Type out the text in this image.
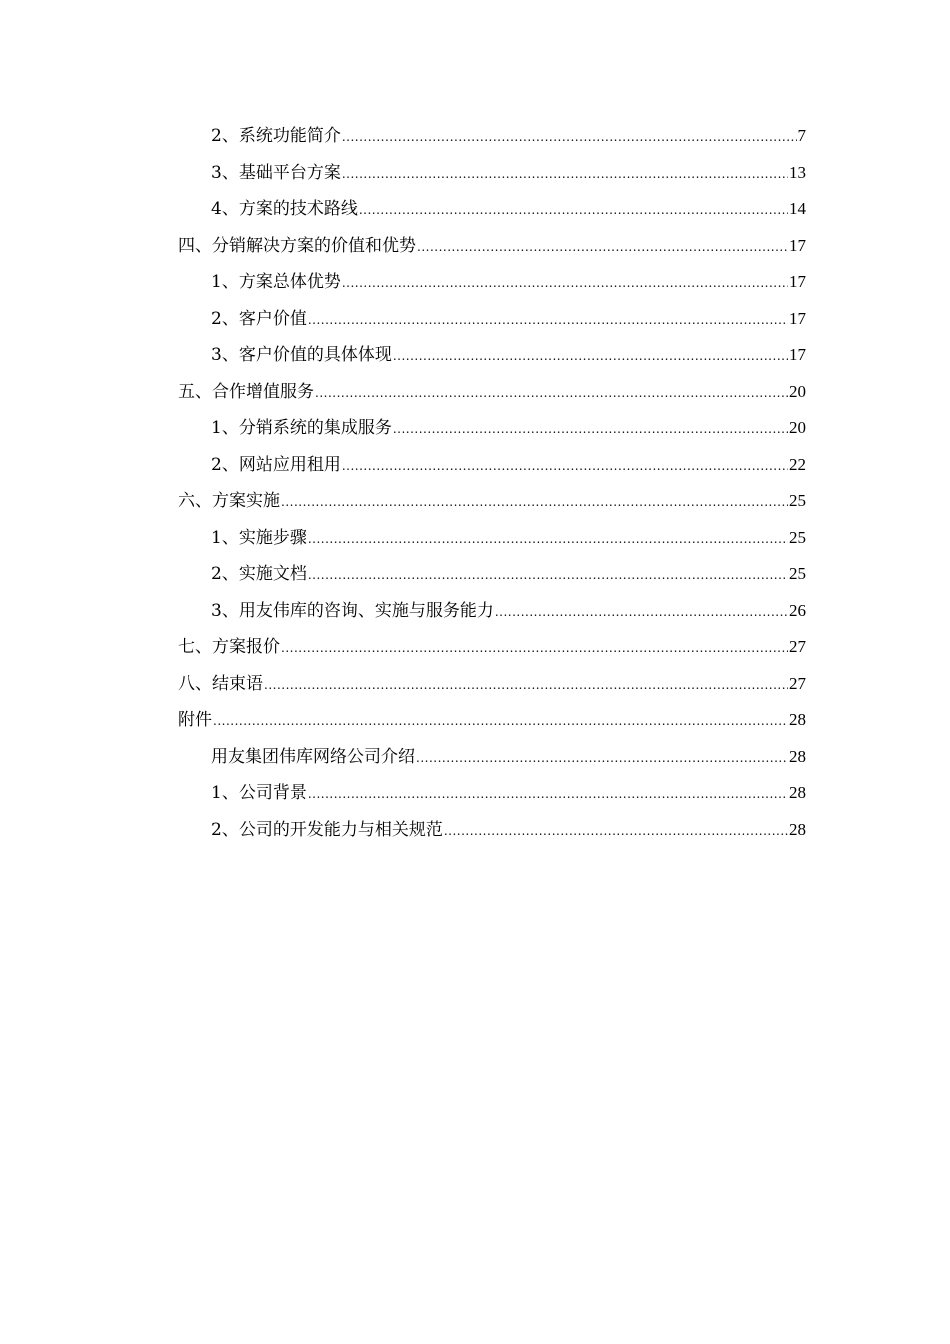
2、系统功能简介 .....	7
3、基础平台方案 .....	13
4、方案的技术路线 .....	14
四、分销解决方案的价值和优势 .....	17
1、方案总体优势 .....	17
2、客户价值 .....	17
3、客户价值的具体体现 .....	17
五、合作增值服务 .....	20
1、分销系统的集成服务 .....	20
2、网站应用租用 .....	22
六、方案实施 .....	25
1、实施步骤 .....	25
2、实施文档 .....	25
3、用友伟库的咨询、实施与服务能力 .....	26
七、方案报价 .....	27
八、结束语 .....	27
附件 .....	28
用友集团伟库网络公司介绍 .....	28
1、公司背景 .....	28
2、公司的开发能力与相关规范 .....	28
